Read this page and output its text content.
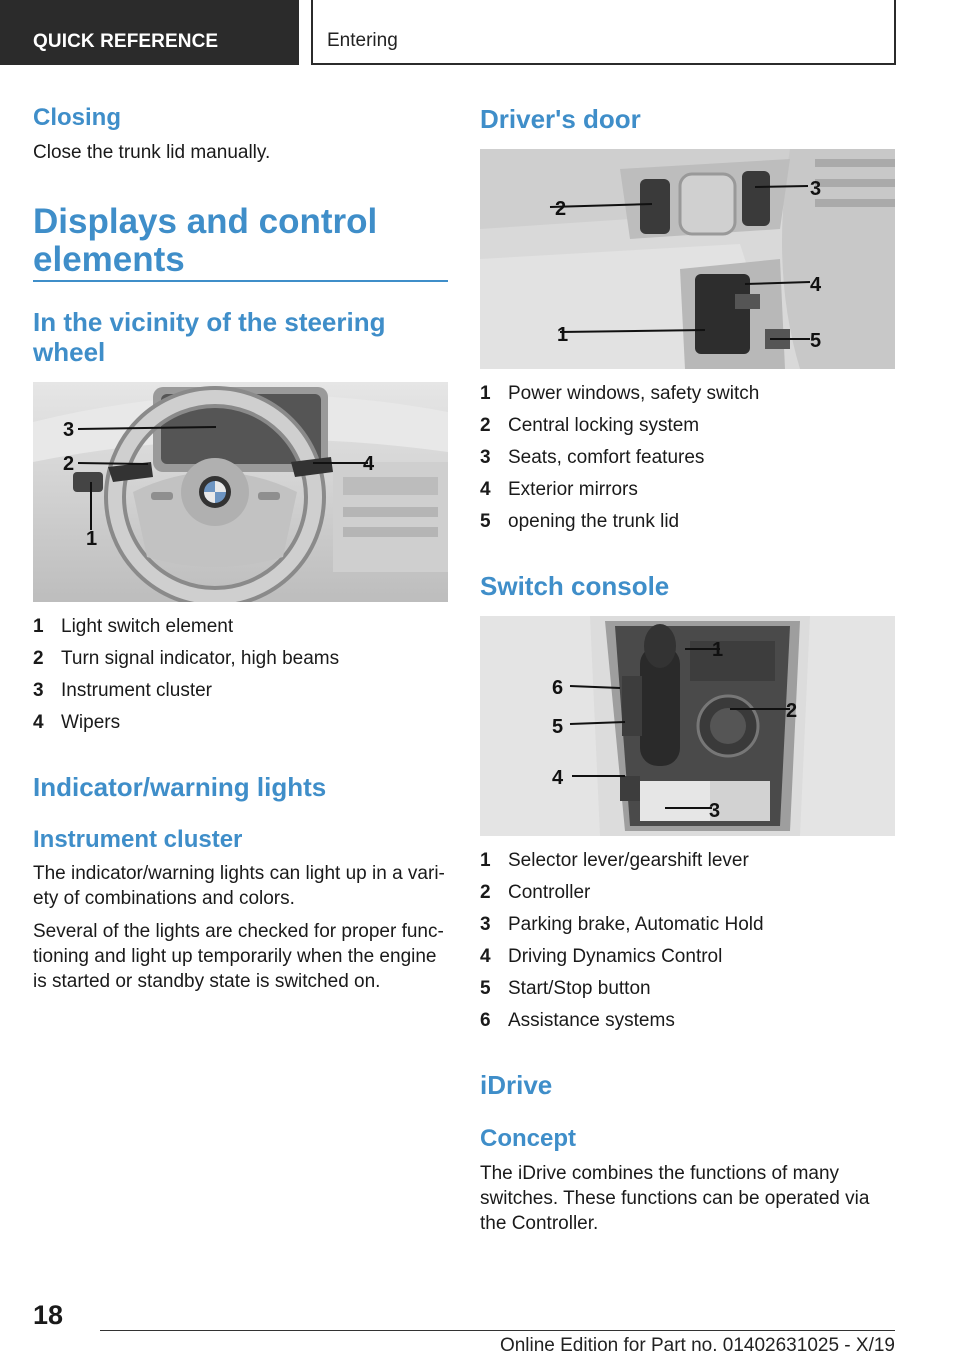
QUICK REFERENCE	Entering
Closing
Close the trunk lid manually.
Displays and control
elements
In the vicinity of the steering
wheel
3
2	4
1
1 Light switch element
2 Turn signal indicator, high beams
3 Instrument cluster
4 Wipers
Indicator/warning lights
Instrument cluster
The indicator/warning lights can light up in a vari‐
ety of combinations and colors.
Several of the lights are checked for proper func‐
tioning and light up temporarily when the engine
is started or standby state is switched on.
Driver's door
2
3
4
1	5
1 Power windows, safety switch
2 Central locking system
3 Seats, comfort features
4 Exterior mirrors
5 opening the trunk lid
Switch console
1
2
6
5
4
3
1 Selector lever/gearshift lever
2 Controller
3 Parking brake, Automatic Hold
4 Driving Dynamics Control
5 Start/Stop button
6 Assistance systems
iDrive
Concept
The iDrive combines the functions of many
switches. These functions can be operated via
the Controller.
18
Online Edition for Part no. 01402631025 - X/19
